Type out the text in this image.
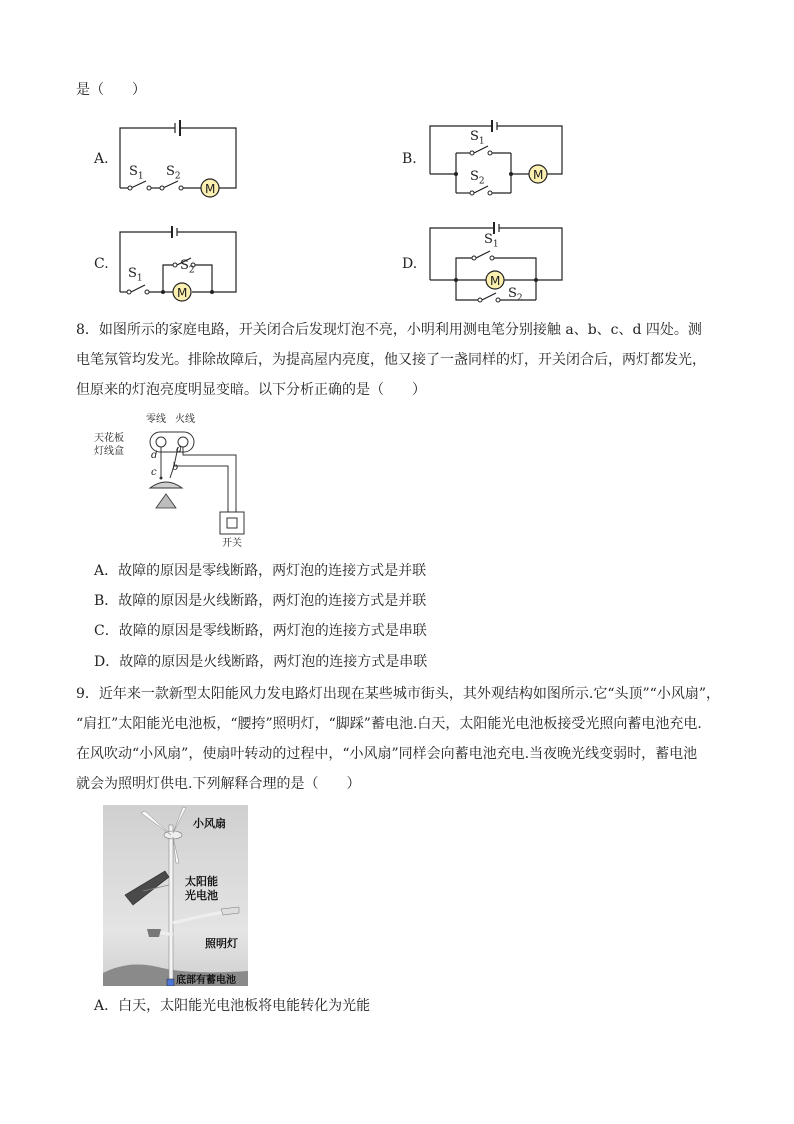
是（　　）
A.
M
$S_1$ $S_2$
B.
M
$S_1$
$S_2$
C.
M
$S_1$
$S_2$	D.
M
$S_1$
$S_2$
8．如图所示的家庭电路，开关闭合后发现灯泡不亮，小明利用测电笔分别接触 a、b、c、d 四处。测
电笔氖管均发光。排除故障后，为提高屋内亮度，他又接了一盏同样的灯，开关闭合后，两灯都发光，
但原来的灯泡亮度明显变暗。以下分析正确的是（　　）
零线 火线
天花板
灯线盒	a
d
b
c
开关
A．故障的原因是零线断路，两灯泡的连接方式是并联
B．故障的原因是火线断路，两灯泡的连接方式是并联
C．故障的原因是零线断路，两灯泡的连接方式是串联
D．故障的原因是火线断路，两灯泡的连接方式是串联
9．近年来一款新型太阳能风力发电路灯出现在某些城市街头，其外观结构如图所示.它“头顶”“小风扇”，
“肩扛”太阳能光电池板，“腰挎”照明灯，“脚踩”蓄电池.白天，太阳能光电池板接受光照向蓄电池充电.
在风吹动“小风扇”，使扇叶转动的过程中，“小风扇”同样会向蓄电池充电.当夜晚光线变弱时，蓄电池
就会为照明灯供电.下列解释合理的是（　　）
小风扇
太阳能
光电池
照明灯
底部有蓄电池
A．白天，太阳能光电池板将电能转化为光能
